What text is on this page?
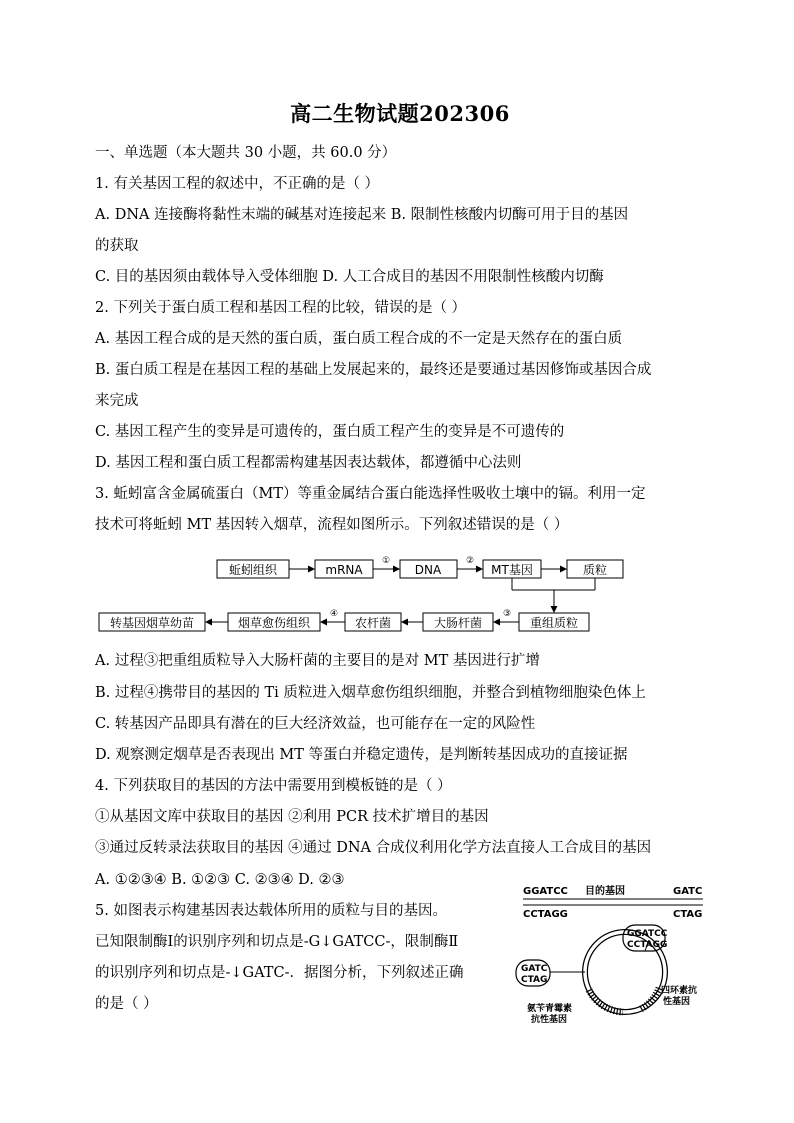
高二生物试题202306
一、单选题（本大题共 30 小题，共 60.0 分）
1. 有关基因工程的叙述中，不正确的是（ ）
A. DNA 连接酶将黏性末端的碱基对连接起来 B. 限制性核酸内切酶可用于目的基因
的获取
C. 目的基因须由载体导入受体细胞 D. 人工合成目的基因不用限制性核酸内切酶
2. 下列关于蛋白质工程和基因工程的比较，错误的是（ ）
A. 基因工程合成的是天然的蛋白质，蛋白质工程合成的不一定是天然存在的蛋白质
B. 蛋白质工程是在基因工程的基础上发展起来的，最终还是要通过基因修饰或基因合成
来完成
C. 基因工程产生的变异是可遗传的，蛋白质工程产生的变异是不可遗传的
D. 基因工程和蛋白质工程都需构建基因表达载体，都遵循中心法则
3. 蚯蚓富含金属硫蛋白（MT）等重金属结合蛋白能选择性吸收土壤中的镉。利用一定
技术可将蚯蚓 MT 基因转入烟草，流程如图所示。下列叙述错误的是（ ）
蚯蚓组织	mRNA	DNA	MT基因	质粒
重组质粒
大肠杆菌
农杆菌
烟草愈伤组织
转基因烟草幼苗
①	②
③
④
A. 过程③把重组质粒导入大肠杆菌的主要目的是对 MT 基因进行扩增
B. 过程④携带目的基因的 Ti 质粒进入烟草愈伤组织细胞，并整合到植物细胞染色体上
C. 转基因产品即具有潜在的巨大经济效益，也可能存在一定的风险性
D. 观察测定烟草是否表现出 MT 等蛋白并稳定遗传，是判断转基因成功的直接证据
4. 下列获取目的基因的方法中需要用到模板链的是（ ）
①从基因文库中获取目的基因 ②利用 PCR 技术扩增目的基因
③通过反转录法获取目的基因 ④通过 DNA 合成仪利用化学方法直接人工合成目的基因
A. ①②③④ B. ①②③ C. ②③④ D. ②③
5. 如图表示构建基因表达载体所用的质粒与目的基因。
已知限制酶Ⅰ的识别序列和切点是-G↓GATCC-，限制酶Ⅱ
的识别序列和切点是-↓GATC-．据图分析，下列叙述正确
的是（ ）
GGATCC
CCTAGG
目的基因	GATC
CTAG
GGATCC
CCTAGG
GATC
CTAG
四环素抗
性基因
氨苄青霉素
抗性基因
